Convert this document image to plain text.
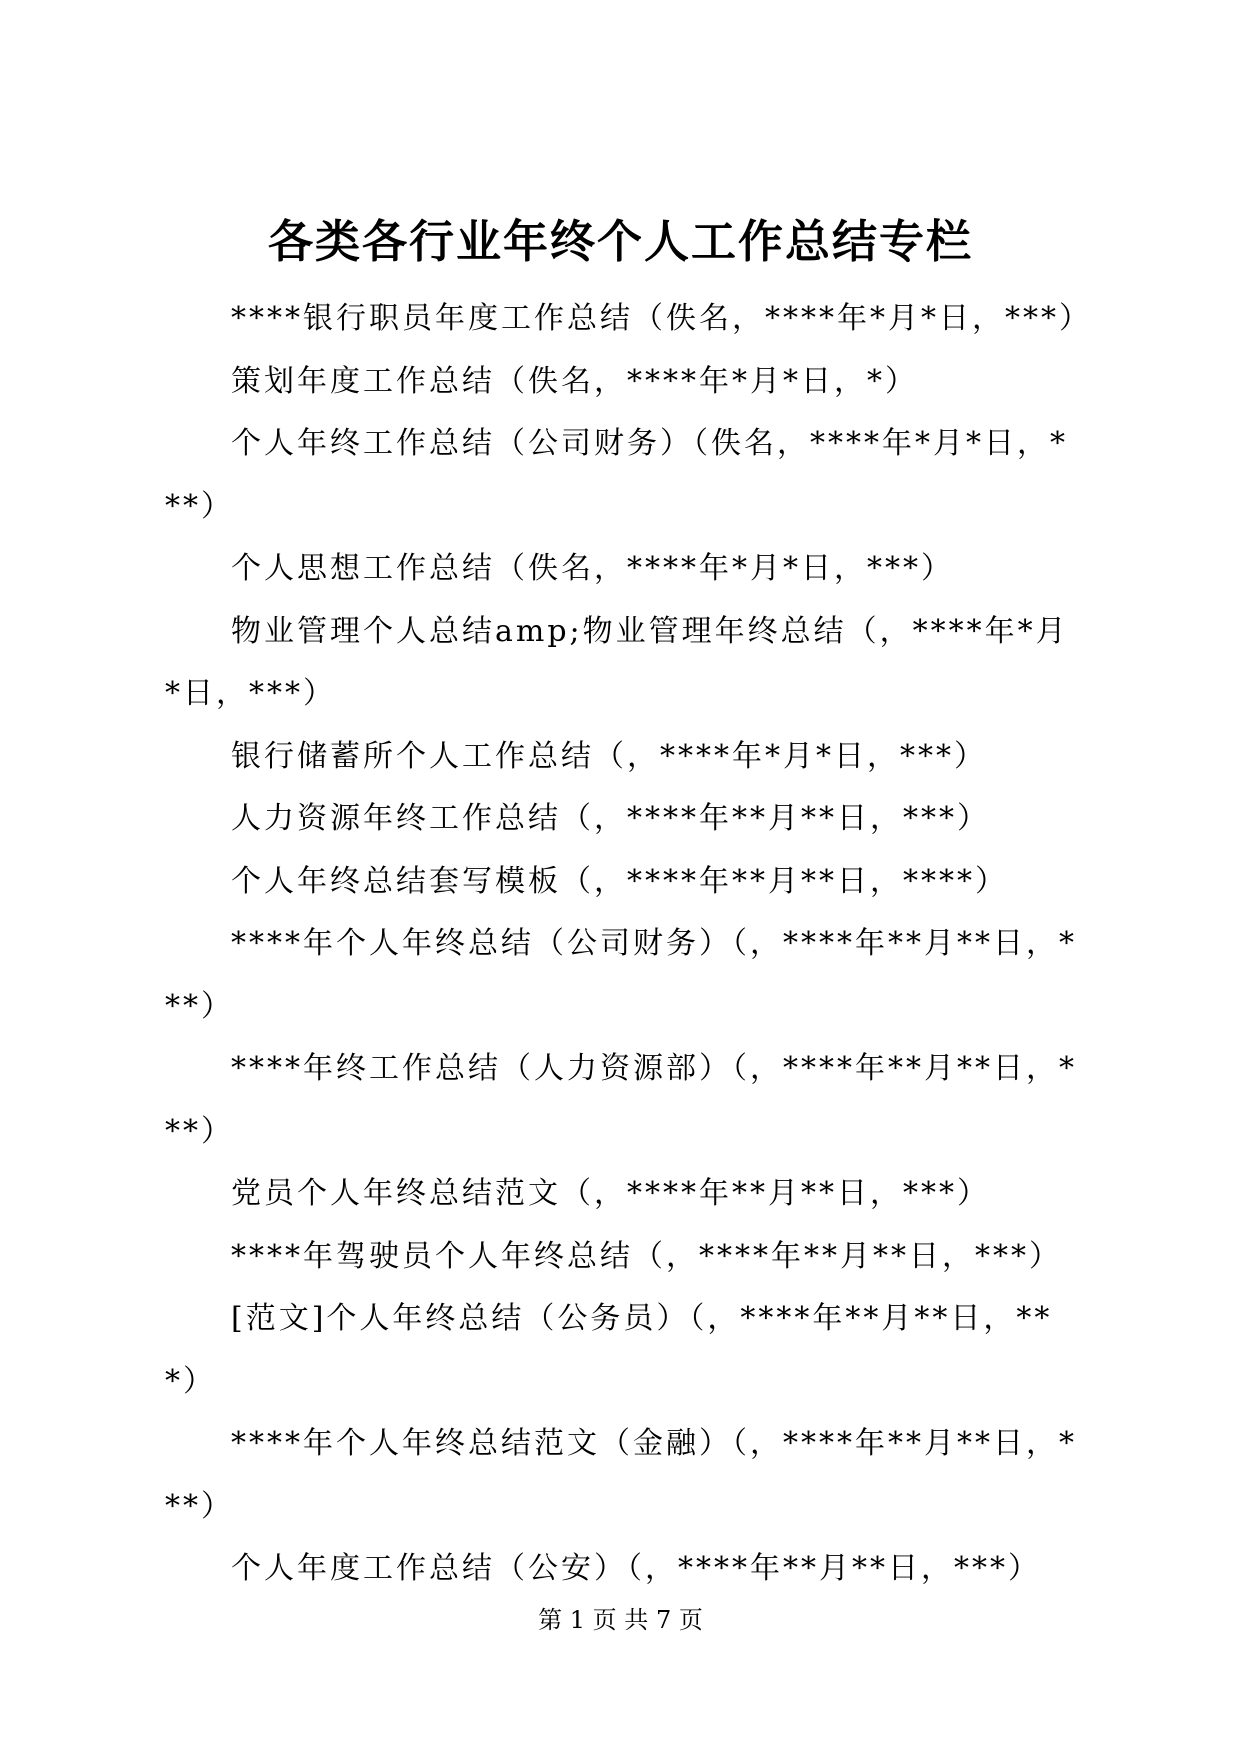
各类各行业年终个人工作总结专栏

****银行职员年度工作总结（佚名，****年*月*日，***）

策划年度工作总结（佚名，****年*月*日，*）

个人年终工作总结（公司财务）（佚名，****年*月*日，***）

个人思想工作总结（佚名，****年*月*日，***）

物业管理个人总结amp;物业管理年终总结（，****年*月*日，***）

银行储蓄所个人工作总结（，****年*月*日，***）

人力资源年终工作总结（，****年**月**日，***）

个人年终总结套写模板（，****年**月**日，****）

****年个人年终总结（公司财务）（，****年**月**日，***）

****年终工作总结（人力资源部）（，****年**月**日，***）

党员个人年终总结范文（，****年**月**日，***）

****年驾驶员个人年终总结（，****年**月**日，***）

[范文]个人年终总结（公务员）（，****年**月**日，***）

****年个人年终总结范文（金融）（，****年**月**日，***）

个人年度工作总结（公安）（，****年**月**日，***）

第 1 页 共 7 页
